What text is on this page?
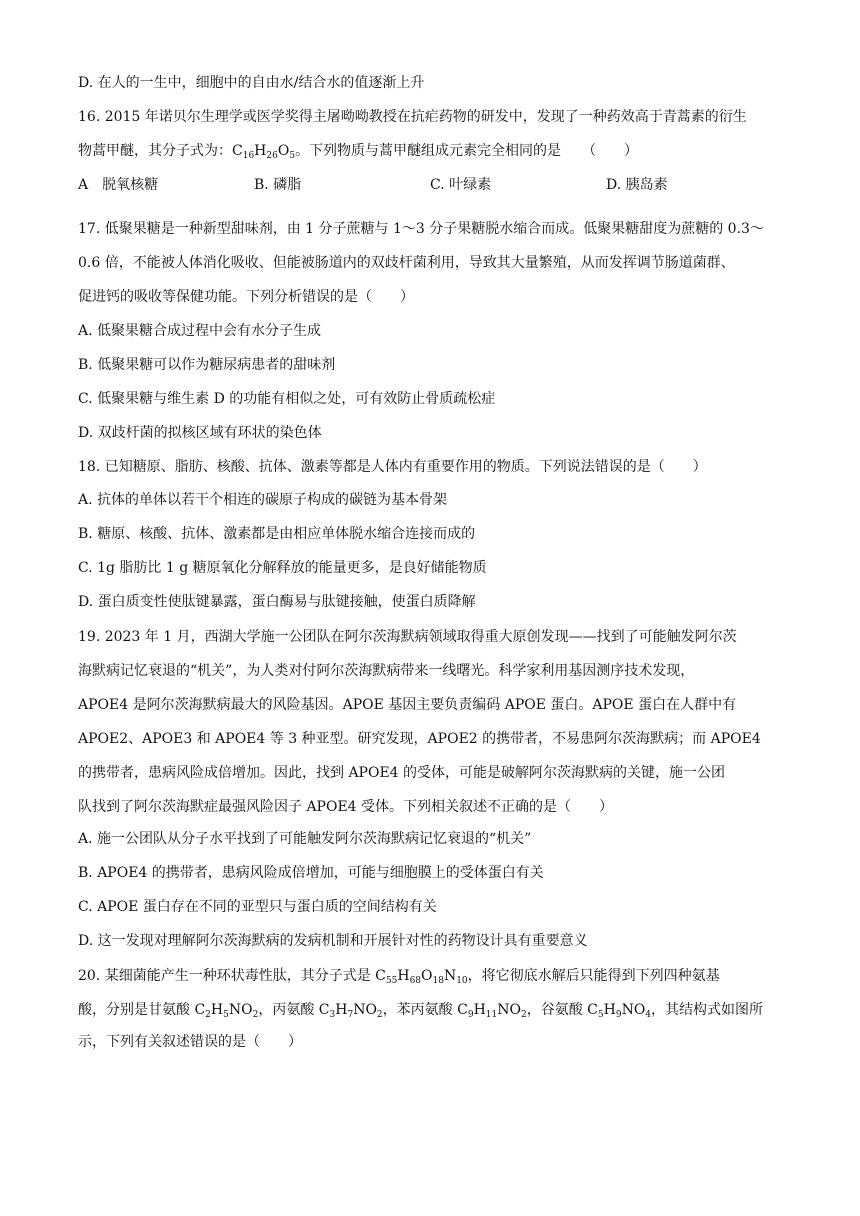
D. 在人的一生中，细胞中的自由水/结合水的值逐渐上升
16. 2015 年诺贝尔生理学或医学奖得主屠呦呦教授在抗疟药物的研发中，发现了一种药效高于青蒿素的衍生
物蒿甲醚，其分子式为：$C_{16}H_{26}O_5$。下列物质与蒿甲醚组成元素完全相同的是　　（　　）
A　脱氧核糖	B. 磷脂	C. 叶绿素	D. 胰岛素
17. 低聚果糖是一种新型甜味剂，由 1 分子蔗糖与 1～3 分子果糖脱水缩合而成。低聚果糖甜度为蔗糖的 0.3～
0.6 倍，不能被人体消化吸收、但能被肠道内的双歧杆菌利用，导致其大量繁殖，从而发挥调节肠道菌群、
促进钙的吸收等保健功能。下列分析错误的是（　　）
A. 低聚果糖合成过程中会有水分子生成
B. 低聚果糖可以作为糖尿病患者的甜味剂
C. 低聚果糖与维生素 D 的功能有相似之处，可有效防止骨质疏松症
D. 双歧杆菌的拟核区域有环状的染色体
18. 已知糖原、脂肪、核酸、抗体、激素等都是人体内有重要作用的物质。下列说法错误的是（　　）
A. 抗体的单体以若干个相连的碳原子构成的碳链为基本骨架
B. 糖原、核酸、抗体、激素都是由相应单体脱水缩合连接而成的
C. 1g 脂肪比 1 g 糖原氧化分解释放的能量更多，是良好储能物质
D. 蛋白质变性使肽键暴露，蛋白酶易与肽键接触，使蛋白质降解
19. 2023 年 1 月，西湖大学施一公团队在阿尔茨海默病领域取得重大原创发现——找到了可能触发阿尔茨
海默病记忆衰退的“机关”，为人类对付阿尔茨海默病带来一线曙光。科学家利用基因测序技术发现，
APOE4 是阿尔茨海默病最大的风险基因。APOE 基因主要负责编码 APOE 蛋白。APOE 蛋白在人群中有
APOE2、APOE3 和 APOE4 等 3 种亚型。研究发现，APOE2 的携带者，不易患阿尔茨海默病；而 APOE4
的携带者，患病风险成倍增加。因此，找到 APOE4 的受体，可能是破解阿尔茨海默病的关键，施一公团
队找到了阿尔茨海默症最强风险因子 APOE4 受体。下列相关叙述不正确的是（　　）
A. 施一公团队从分子水平找到了可能触发阿尔茨海默病记忆衰退的“机关”
B. APOE4 的携带者，患病风险成倍增加，可能与细胞膜上的受体蛋白有关
C. APOE 蛋白存在不同的亚型只与蛋白质的空间结构有关
D. 这一发现对理解阿尔茨海默病的发病机制和开展针对性的药物设计具有重要意义
20. 某细菌能产生一种环状毒性肽，其分子式是 $C_{55}H_{68}O_{18}N_{10}$，将它彻底水解后只能得到下列四种氨基
酸，分别是甘氨酸 $C_2H_5NO_2$，丙氨酸 $C_3H_7NO_2$，苯丙氨酸 $C_9H_{11}NO_2$，谷氨酸 $C_5H_9NO_4$，其结构式如图所
示，下列有关叙述错误的是（　　）
